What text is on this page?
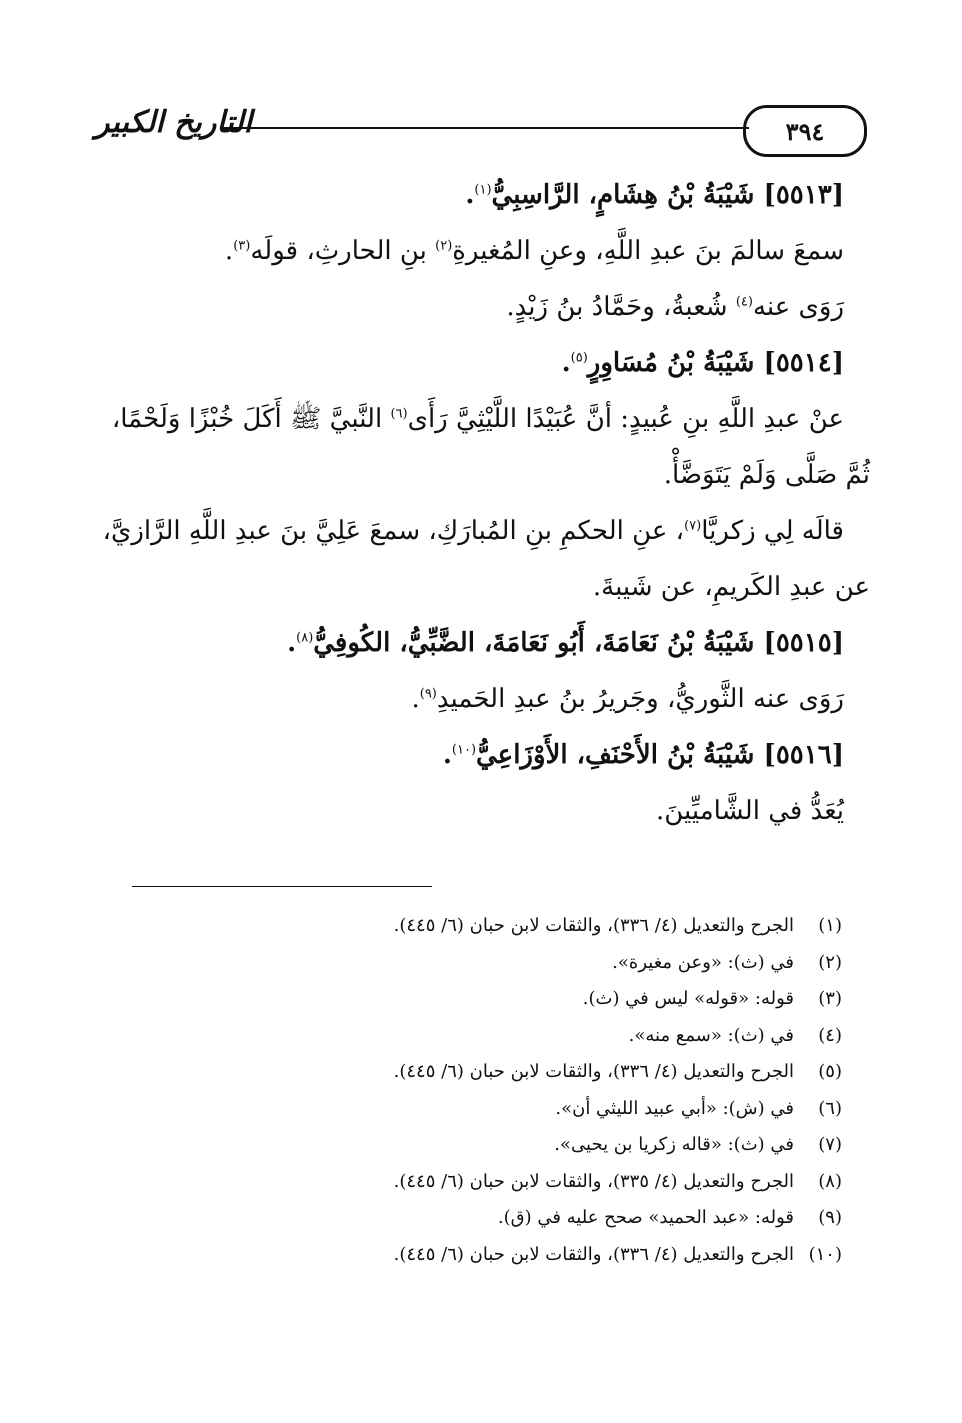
٣٩٤
التاريخ الكبير
[٥٥١٣] شَيْبَةُ بْنُ هِشَامٍ، الرَّاسِبِيُّ$^{(١)}$.
سمعَ سالمَ بنَ عبدِ اللَّهِ، وعنِ المُغيرةِ$^{(٢)}$ بنِ الحارثِ، قولَه$^{(٣)}$.
رَوَى عنه$^{(٤)}$ شُعبةُ، وحَمَّادُ بنُ زَيْدٍ.
[٥٥١٤] شَيْبَةُ بْنُ مُسَاوِرٍ$^{(٥)}$.
عنْ عبدِ اللَّهِ بنِ عُبيدٍ: أنَّ عُبَيْدًا اللَّيْثِيَّ رَأَى$^{(٦)}$ النَّبيَّ ﷺ أَكَلَ خُبْزًا وَلَحْمًا،
ثُمَّ صَلَّى وَلَمْ يَتَوَضَّأْ.
قالَه لِي زكريَّا$^{(٧)}$، عنِ الحكمِ بنِ المُبارَكِ، سمعَ عَلِيَّ بنَ عبدِ اللَّهِ الرَّازيَّ،
عن عبدِ الكَريمِ، عن شَيبةَ.
[٥٥١٥] شَيْبَةُ بْنُ نَعَامَةَ، أَبُو نَعَامَةَ، الضَّبِّيُّ، الكُوفِيُّ$^{(٨)}$.
رَوَى عنه الثَّوريُّ، وجَريرُ بنُ عبدِ الحَميدِ$^{(٩)}$.
[٥٥١٦] شَيْبَةُ بْنُ الأَحْنَفِ، الأَوْزَاعِيُّ$^{(١٠)}$.
يُعَدُّ في الشَّاميِّينَ.
(١)الجرح والتعديل (٤/ ٣٣٦)، والثقات لابن حبان (٦/ ٤٤٥).
(٢)في (ث): «وعن مغيرة».
(٣)قوله: «قوله» ليس في (ث).
(٤)في (ث): «سمع منه».
(٥)الجرح والتعديل (٤/ ٣٣٦)، والثقات لابن حبان (٦/ ٤٤٥).
(٦)في (ش): «أبي عبيد الليثي أن».
(٧)في (ث): «قاله زكريا بن يحيى».
(٨)الجرح والتعديل (٤/ ٣٣٥)، والثقات لابن حبان (٦/ ٤٤٥).
(٩)قوله: «عبد الحميد» صحح عليه في (ق).
(١٠)الجرح والتعديل (٤/ ٣٣٦)، والثقات لابن حبان (٦/ ٤٤٥).
